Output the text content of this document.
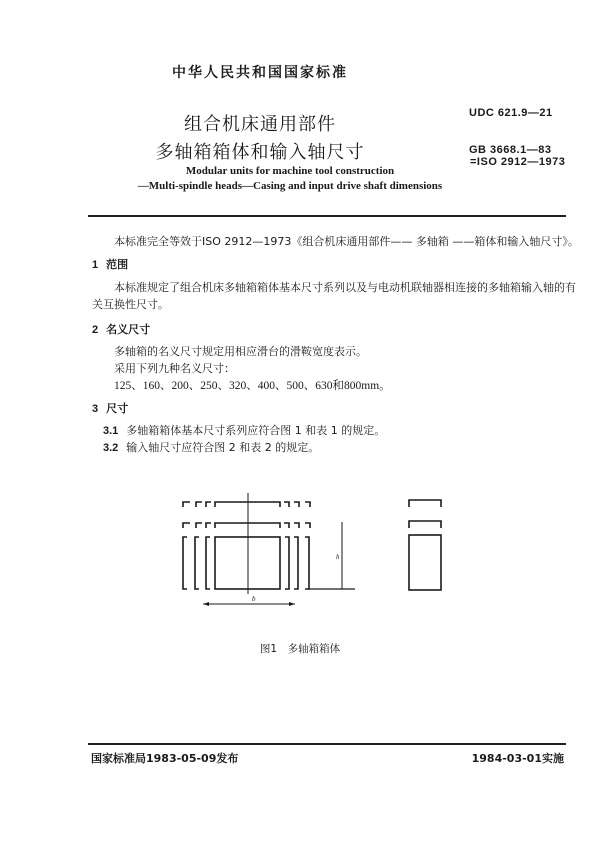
中华人民共和国国家标准
组合机床通用部件
多轴箱箱体和输入轴尺寸
UDC 621.9—21
GB 3668.1—83
=ISO 2912—1973
Modular units for machine tool construction
—Multi-spindle heads—Casing and input drive shaft dimensions
本标准完全等效于ISO 2912—1973《组合机床通用部件—— 多轴箱 ——箱体和输入轴尺寸》。
1 范围
本标准规定了组合机床多轴箱箱体基本尺寸系列以及与电动机联轴器相连接的多轴箱输入轴的有
关互换性尺寸。
2 名义尺寸
多轴箱的名义尺寸规定用相应滑台的滑鞍宽度表示。
采用下列九种名义尺寸：
125、160、200、250、320、400、500、630和800mm。
3 尺寸
3.1 多轴箱箱体基本尺寸系列应符合图 1 和表 1 的规定。
3.2 输入轴尺寸应符合图 2 和表 2 的规定。
b
h
图1　多轴箱箱体
国家标准局1983-05-09发布	1984-03-01实施
